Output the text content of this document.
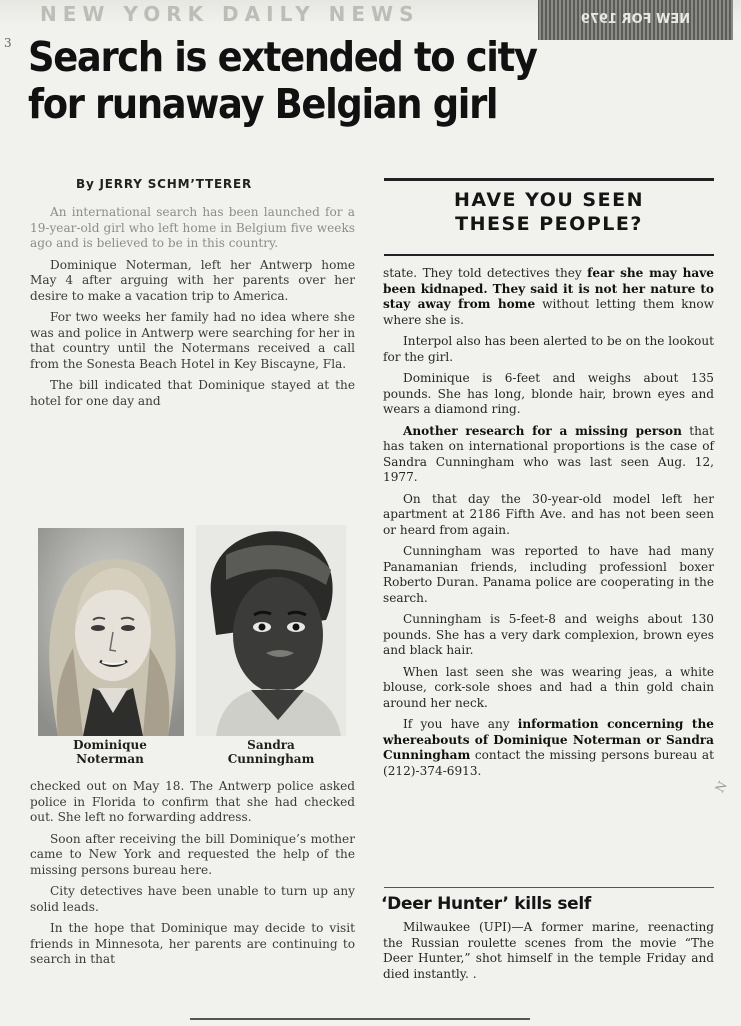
NEW YORK DAILY NEWS	NEW FOR 1979
3 Search is extended to city
for runaway Belgian girl
By JERRY SCHM’TTERER

An international search has been launched for a 19-year-old girl who left home in Belgium five weeks ago and is believed to be in this country.

Dominique Noterman, left her Antwerp home May 4 after arguing with her parents over her desire to make a vacation trip to America.

For two weeks her family had no idea where she was and police in Antwerp were searching for her in that country until the Notermans received a call from the Sonesta Beach Hotel in Key Biscayne, Fla.

The bill indicated that Dominique stayed at the hotel for one day and

Dominique
Noterman
Sandra
Cunningham

checked out on May 18. The Antwerp police asked police in Florida to confirm that she had checked out. She left no forwarding address.

Soon after receiving the bill Dominique’s mother came to New York and requested the help of the missing persons bureau here.

City detectives have been unable to turn up any solid leads.

In the hope that Dominique may decide to visit friends in Minnesota, her parents are continuing to search in that

HAVE YOU SEEN
THESE PEOPLE?

state. They told detectives they fear she may have been kidnaped. They said it is not her nature to stay away from home without letting them know where she is.

Interpol also has been alerted to be on the lookout for the girl.

Dominique is 6-feet and weighs about 135 pounds. She has long, blonde hair, brown eyes and wears a diamond ring.

Another research for a missing person that has taken on international proportions is the case of Sandra Cunningham who was last seen Aug. 12, 1977.

On that day the 30-year-old model left her apartment at 2186 Fifth Ave. and has not been seen or heard from again.

Cunningham was reported to have had many Panamanian friends, including professionl boxer Roberto Duran. Panama police are cooperating in the search.

Cunningham is 5-feet-8 and weighs about 130 pounds. She has a very dark complexion, brown eyes and black hair.

When last seen she was wearing jeas, a white blouse, cork-sole shoes and had a thin gold chain around her neck.

If you have any information concerning the whereabouts of Dominique Noterman or Sandra Cunningham contact the missing persons bureau at (212)-374-6913.

‘Deer Hunter’ kills self

Milwaukee (UPI)—A former marine, reenacting the Russian roulette scenes from the movie “The Deer Hunter,” shot himself in the temple Friday and died instantly. .

N
